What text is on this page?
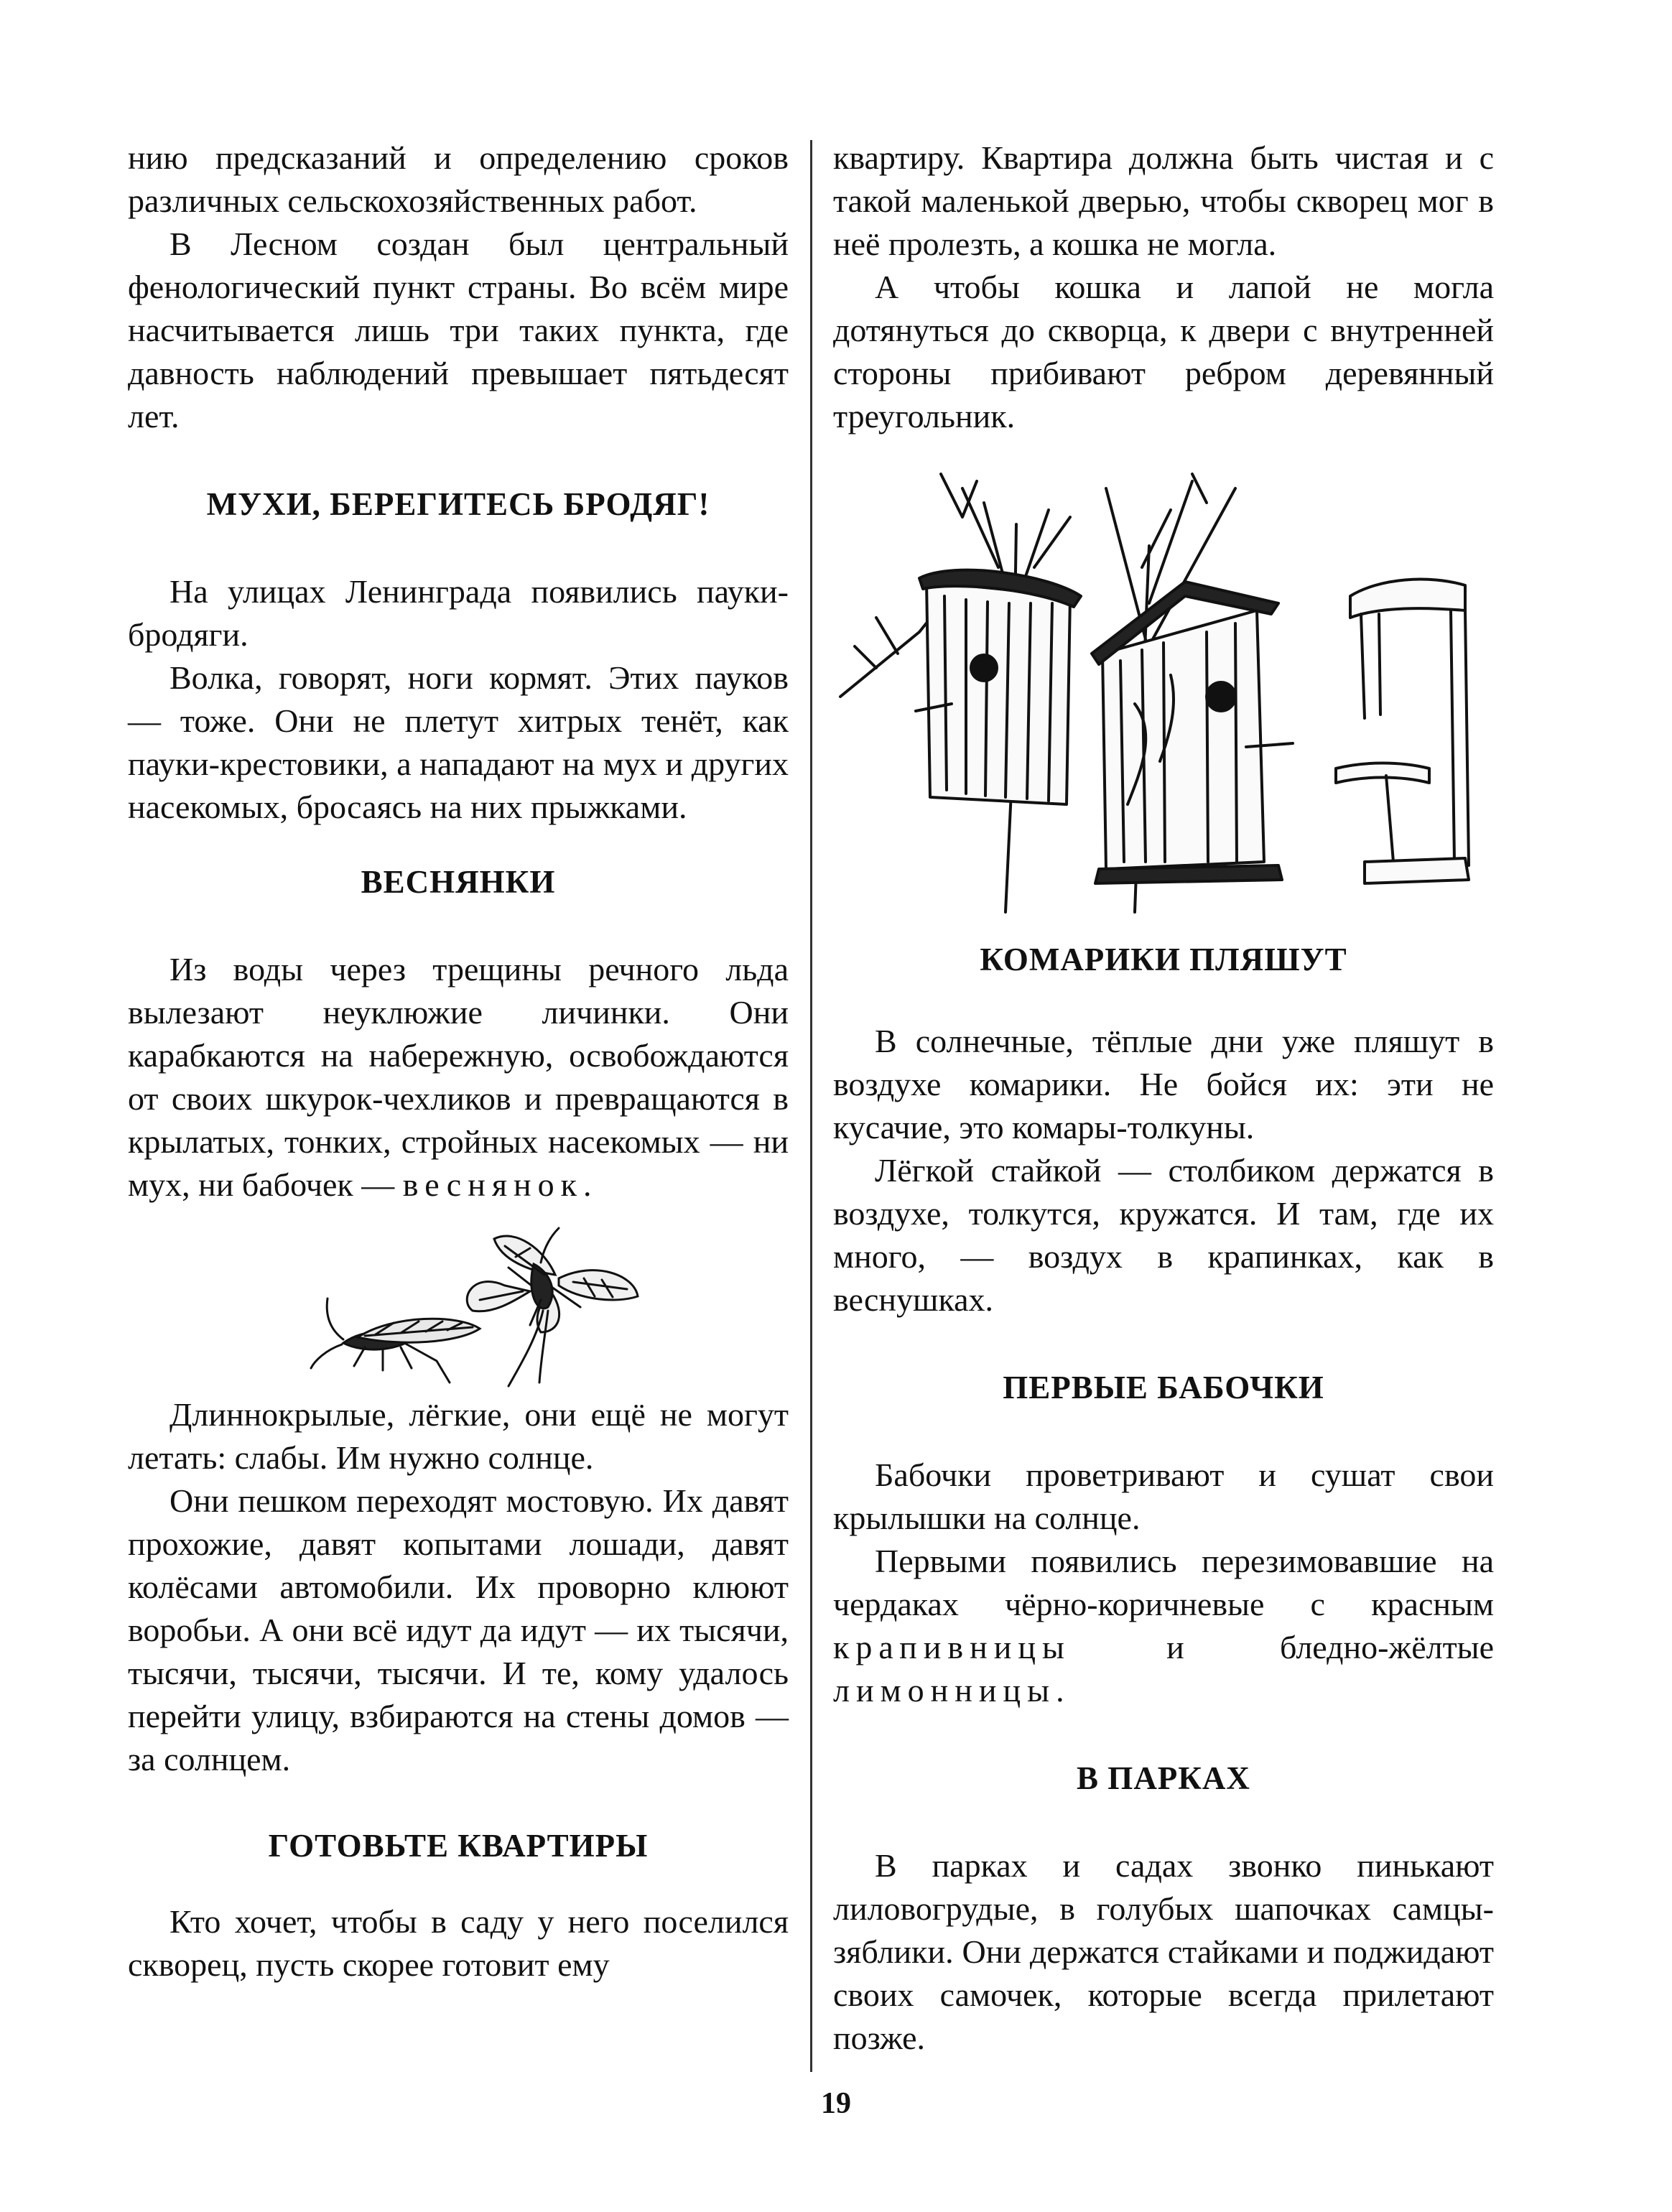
нию предсказаний и определению сроков различных сельскохозяйственных работ.

В Лесном создан был центральный фенологический пункт страны. Во всём мире насчитывается лишь три таких пункта, где давность наблюдений превышает пятьдесят лет.

МУХИ, БЕРЕГИТЕСЬ БРОДЯГ!

На улицах Ленинграда появились пауки-бродяги.

Волка, говорят, ноги кормят. Этих пауков — тоже. Они не плетут хитрых тенёт, как пауки-крестовики, а нападают на мух и других насекомых, бросаясь на них прыжками.

ВЕСНЯНКИ

Из воды через трещины речного льда вылезают неуклюжие личинки. Они карабкаются на набережную, освобождаются от своих шкурок-чехликов и превращаются в крылатых, тонких, стройных насекомых — ни мух, ни бабочек — веснянок.

Длиннокрылые, лёгкие, они ещё не могут летать: слабы. Им нужно солнце.

Они пешком переходят мостовую. Их давят прохожие, давят копытами лошади, давят колёсами автомобили. Их проворно клюют воробьи. А они всё идут да идут — их тысячи, тысячи, тысячи, тысячи. И те, кому удалось перейти улицу, взбираются на стены домов — за солнцем.

ГОТОВЬТЕ КВАРТИРЫ

Кто хочет, чтобы в саду у него поселился скворец, пусть скорее готовит ему

квартиру. Квартира должна быть чистая и с такой маленькой дверью, чтобы скворец мог в неё пролезть, а кошка не могла.

А чтобы кошка и лапой не могла дотянуться до скворца, к двери с внутренней стороны прибивают ребром деревянный треугольник.

КОМАРИКИ ПЛЯШУТ

В солнечные, тёплые дни уже пляшут в воздухе комарики. Не бойся их: эти не кусачие, это комары-толкуны.

Лёгкой стайкой — столбиком держатся в воздухе, толкутся, кружатся. И там, где их много, — воздух в крапинках, как в веснушках.

ПЕРВЫЕ БАБОЧКИ

Бабочки проветривают и сушат свои крылышки на солнце.

Первыми появились перезимовавшие на чердаках чёрно-коричневые с красным крапивницы и бледно-жёлтые лимонницы.

В ПАРКАХ

В парках и садах звонко пинькают лиловогрудые, в голубых шапочках самцы-зяблики. Они держатся стайками и поджидают своих самочек, которые всегда прилетают позже.

19
